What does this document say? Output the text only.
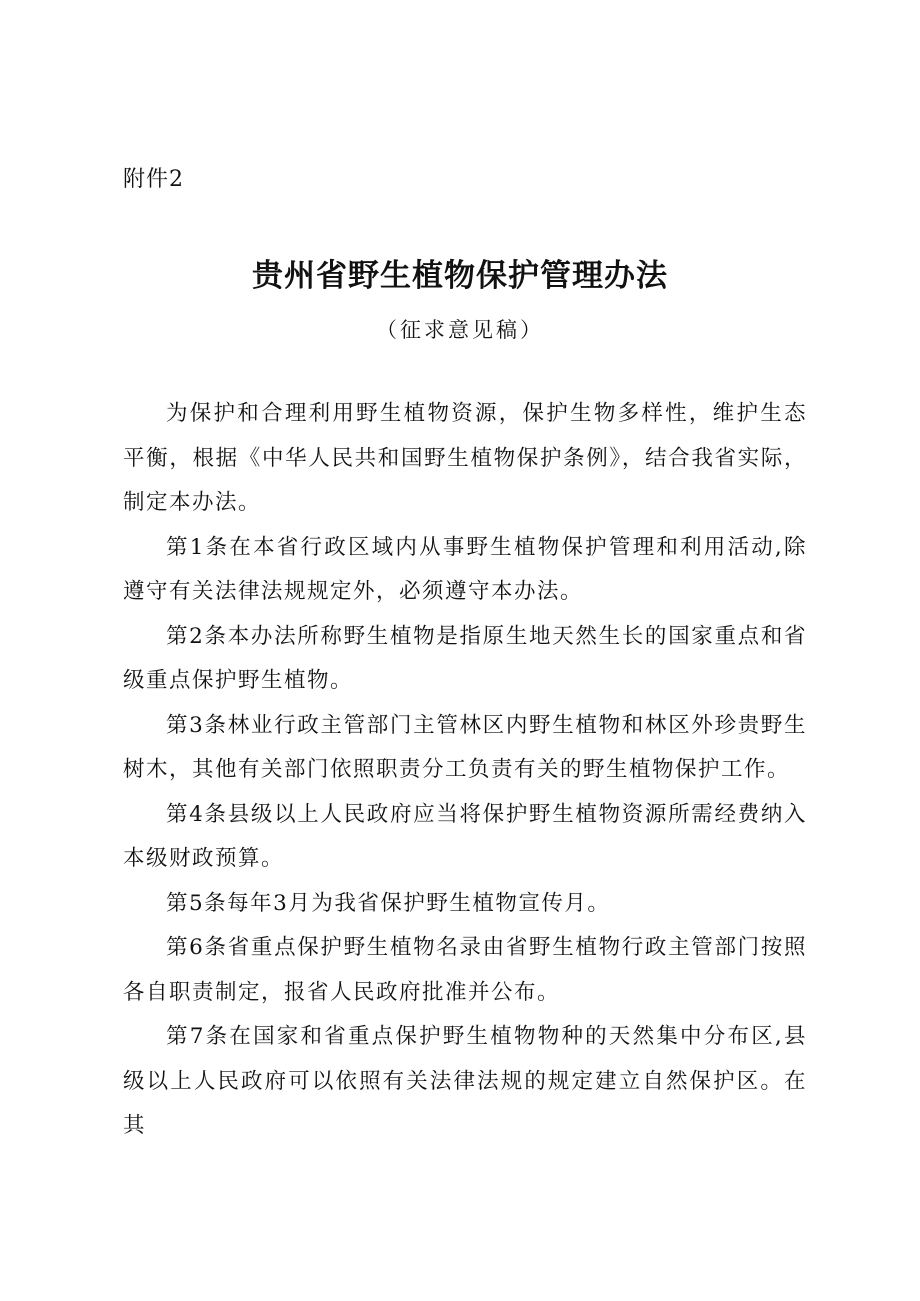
附件2
贵州省野生植物保护管理办法
（征求意见稿）

为保护和合理利用野生植物资源，保护生物多样性，维护生态平衡，根据《中华人民共和国野生植物保护条例》，结合我省实际，制定本办法。

第1条在本省行政区域内从事野生植物保护管理和利用活动,除遵守有关法律法规规定外，必须遵守本办法。

第2条本办法所称野生植物是指原生地天然生长的国家重点和省级重点保护野生植物。

第3条林业行政主管部门主管林区内野生植物和林区外珍贵野生树木，其他有关部门依照职责分工负责有关的野生植物保护工作。

第4条县级以上人民政府应当将保护野生植物资源所需经费纳入本级财政预算。

第5条每年3月为我省保护野生植物宣传月。

第6条省重点保护野生植物名录由省野生植物行政主管部门按照各自职责制定，报省人民政府批准并公布。

第7条在国家和省重点保护野生植物物种的天然集中分布区,县级以上人民政府可以依照有关法律法规的规定建立自然保护区。在其
